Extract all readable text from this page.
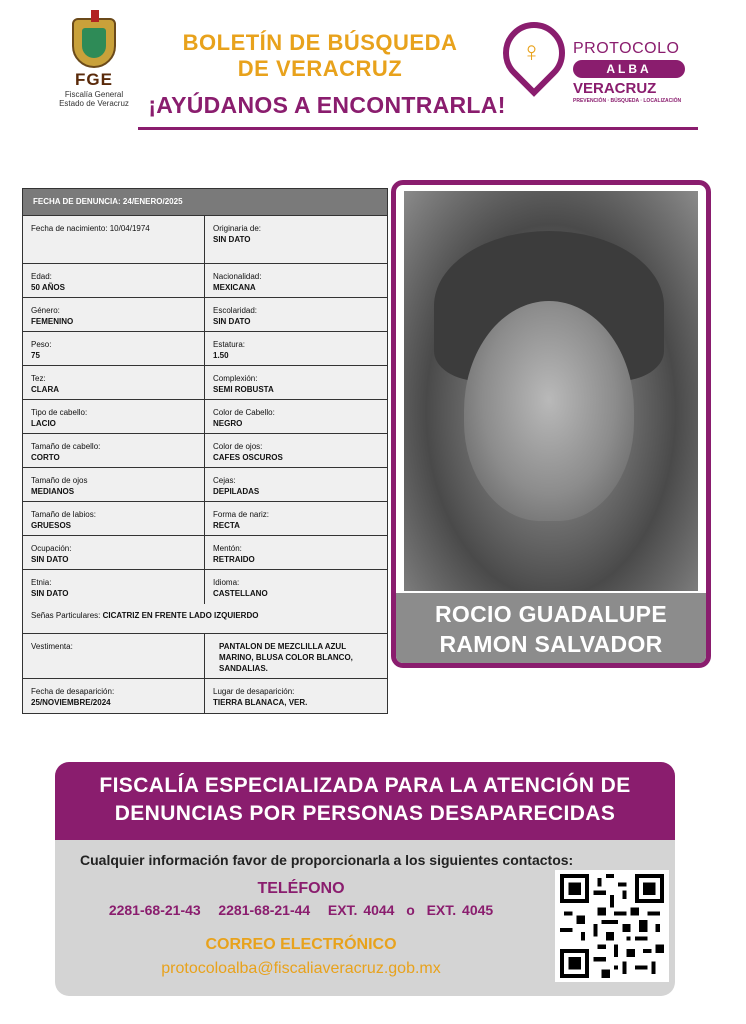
FGE
Fiscalía General
Estado de Veracruz
BOLETÍN DE BÚSQUEDA
DE VERACRUZ
¡AYÚDANOS A ENCONTRARLA!
♀ PROTOCOLO
ALBA
VERACRUZ
PREVENCIÓN · BÚSQUEDA · LOCALIZACIÓN
FECHA DE DENUNCIA: 24/ENERO/2025
Fecha de nacimiento: 10/04/1974	Originaria de:
SIN DATO
Edad:
50 AÑOS
Nacionalidad:
MEXICANA
Género:
FEMENINO
Escolaridad:
SIN DATO
Peso:
75
Estatura:
1.50
Tez:
CLARA
Complexión:
SEMI ROBUSTA
Tipo de cabello:
LACIO
Color de Cabello:
NEGRO
Tamaño de cabello:
CORTO
Color de ojos:
CAFES OSCUROS
Tamaño de ojos
MEDIANOS
Cejas:
DEPILADAS
Tamaño de labios:
GRUESOS
Forma de nariz:
RECTA
Ocupación:
SIN DATO
Mentón:
RETRAIDO
Etnia:
SIN DATO
Idioma:
CASTELLANO
Señas Particulares: CICATRIZ EN FRENTE LADO IZQUIERDO
Vestimenta:	PANTALON DE MEZCLILLA AZUL MARINO, BLUSA COLOR BLANCO, SANDALIAS.
Fecha de desaparición:
25/NOVIEMBRE/2024
Lugar de desaparición:
TIERRA BLANACA, VER.
ROCIO GUADALUPE
RAMON SALVADOR
FISCALÍA ESPECIALIZADA PARA LA ATENCIÓN DE
DENUNCIAS POR PERSONAS DESAPARECIDAS
Cualquier información favor de proporcionarla a los siguientes contactos:
TELÉFONO
2281-68-21-43   2281-68-21-44   EXT. 4044  o  EXT. 4045
CORREO ELECTRÓNICO
protocoloalba@fiscaliaveracruz.gob.mx
